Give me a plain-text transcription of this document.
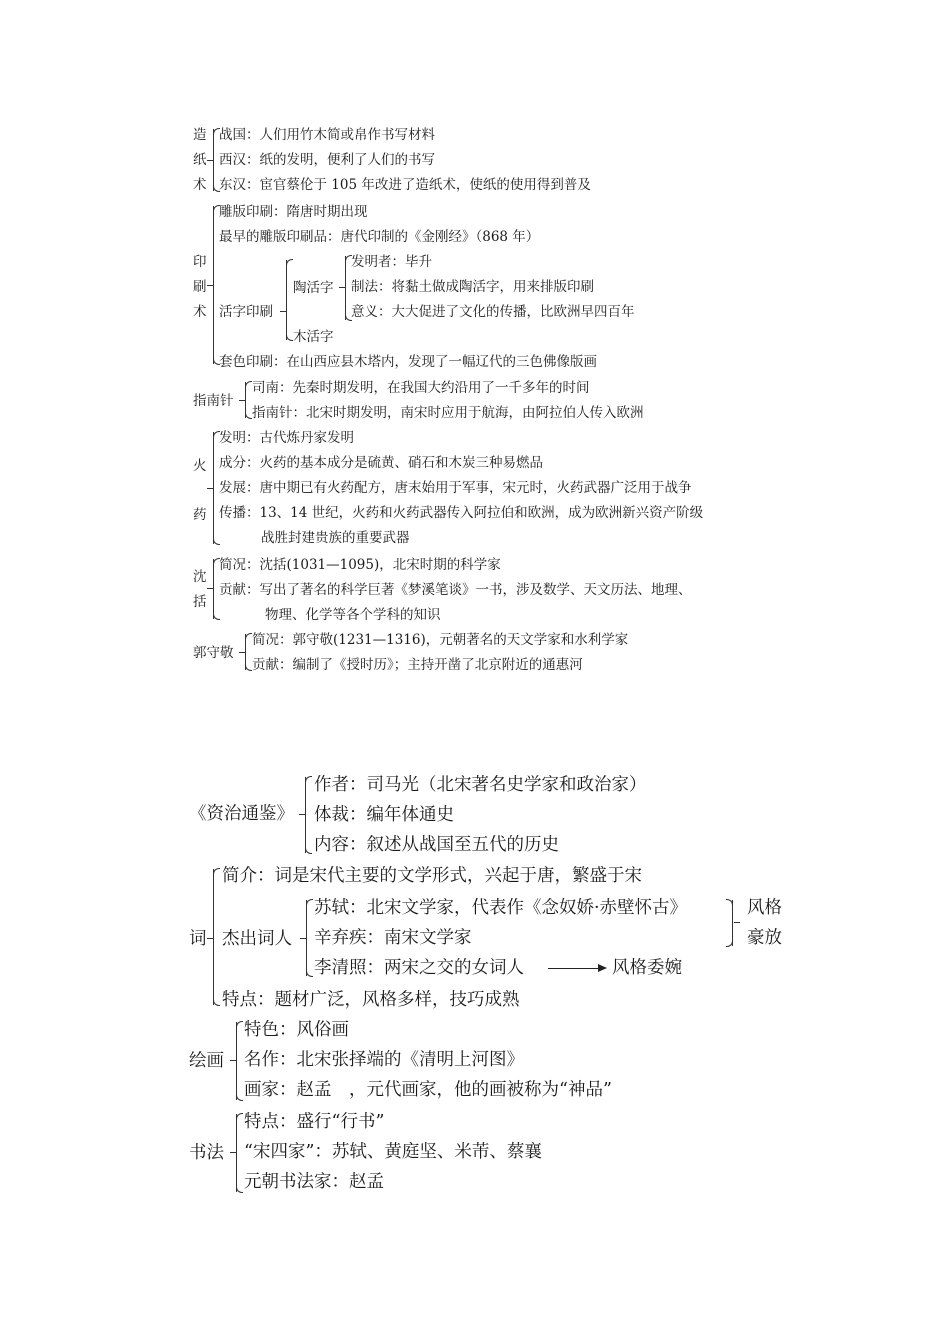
造
纸
术
战国：人们用竹木简或帛作书写材料
西汉：纸的发明，便利了人们的书写
东汉：宦官蔡伦于 105 年改进了造纸术，使纸的使用得到普及
印
刷
术
雕版印刷：隋唐时期出现
最早的雕版印刷品：唐代印制的《金刚经》（868 年）
活字印刷
陶活字
木活字
发明者：毕升
制法：将黏土做成陶活字，用来排版印刷
意义：大大促进了文化的传播，比欧洲早四百年
套色印刷：在山西应县木塔内，发现了一幅辽代的三色佛像版画
指南针
司南：先秦时期发明，在我国大约沿用了一千多年的时间
指南针：北宋时期发明，南宋时应用于航海，由阿拉伯人传入欧洲
火
药
发明：古代炼丹家发明
成分：火药的基本成分是硫黄、硝石和木炭三种易燃品
发展：唐中期已有火药配方，唐末始用于军事，宋元时，火药武器广泛用于战争
传播：13、14 世纪，火药和火药武器传入阿拉伯和欧洲，成为欧洲新兴资产阶级
战胜封建贵族的重要武器
沈
括
简况：沈括(1031—1095)，北宋时期的科学家
贡献：写出了著名的科学巨著《梦溪笔谈》一书，涉及数学、天文历法、地理、
物理、化学等各个学科的知识
郭守敬
简况：郭守敬(1231—1316)，元朝著名的天文学家和水利学家
贡献：编制了《授时历》；主持开凿了北京附近的通惠河
《资治通鉴》
作者：司马光（北宋著名史学家和政治家）
体裁：编年体通史
内容：叙述从战国至五代的历史
词
简介：词是宋代主要的文学形式，兴起于唐，繁盛于宋
杰出词人
苏轼：北宋文学家，代表作《念奴娇·赤壁怀古》
辛弃疾：南宋文学家
李清照：两宋之交的女词人
风格
豪放
风格委婉
特点：题材广泛，风格多样，技巧成熟
绘画
特色：风俗画
名作：北宋张择端的《清明上河图》
画家：赵孟　，元代画家，他的画被称为“神品”
书法
特点：盛行“行书”
“宋四家”：苏轼、黄庭坚、米芾、蔡襄
元朝书法家：赵孟
